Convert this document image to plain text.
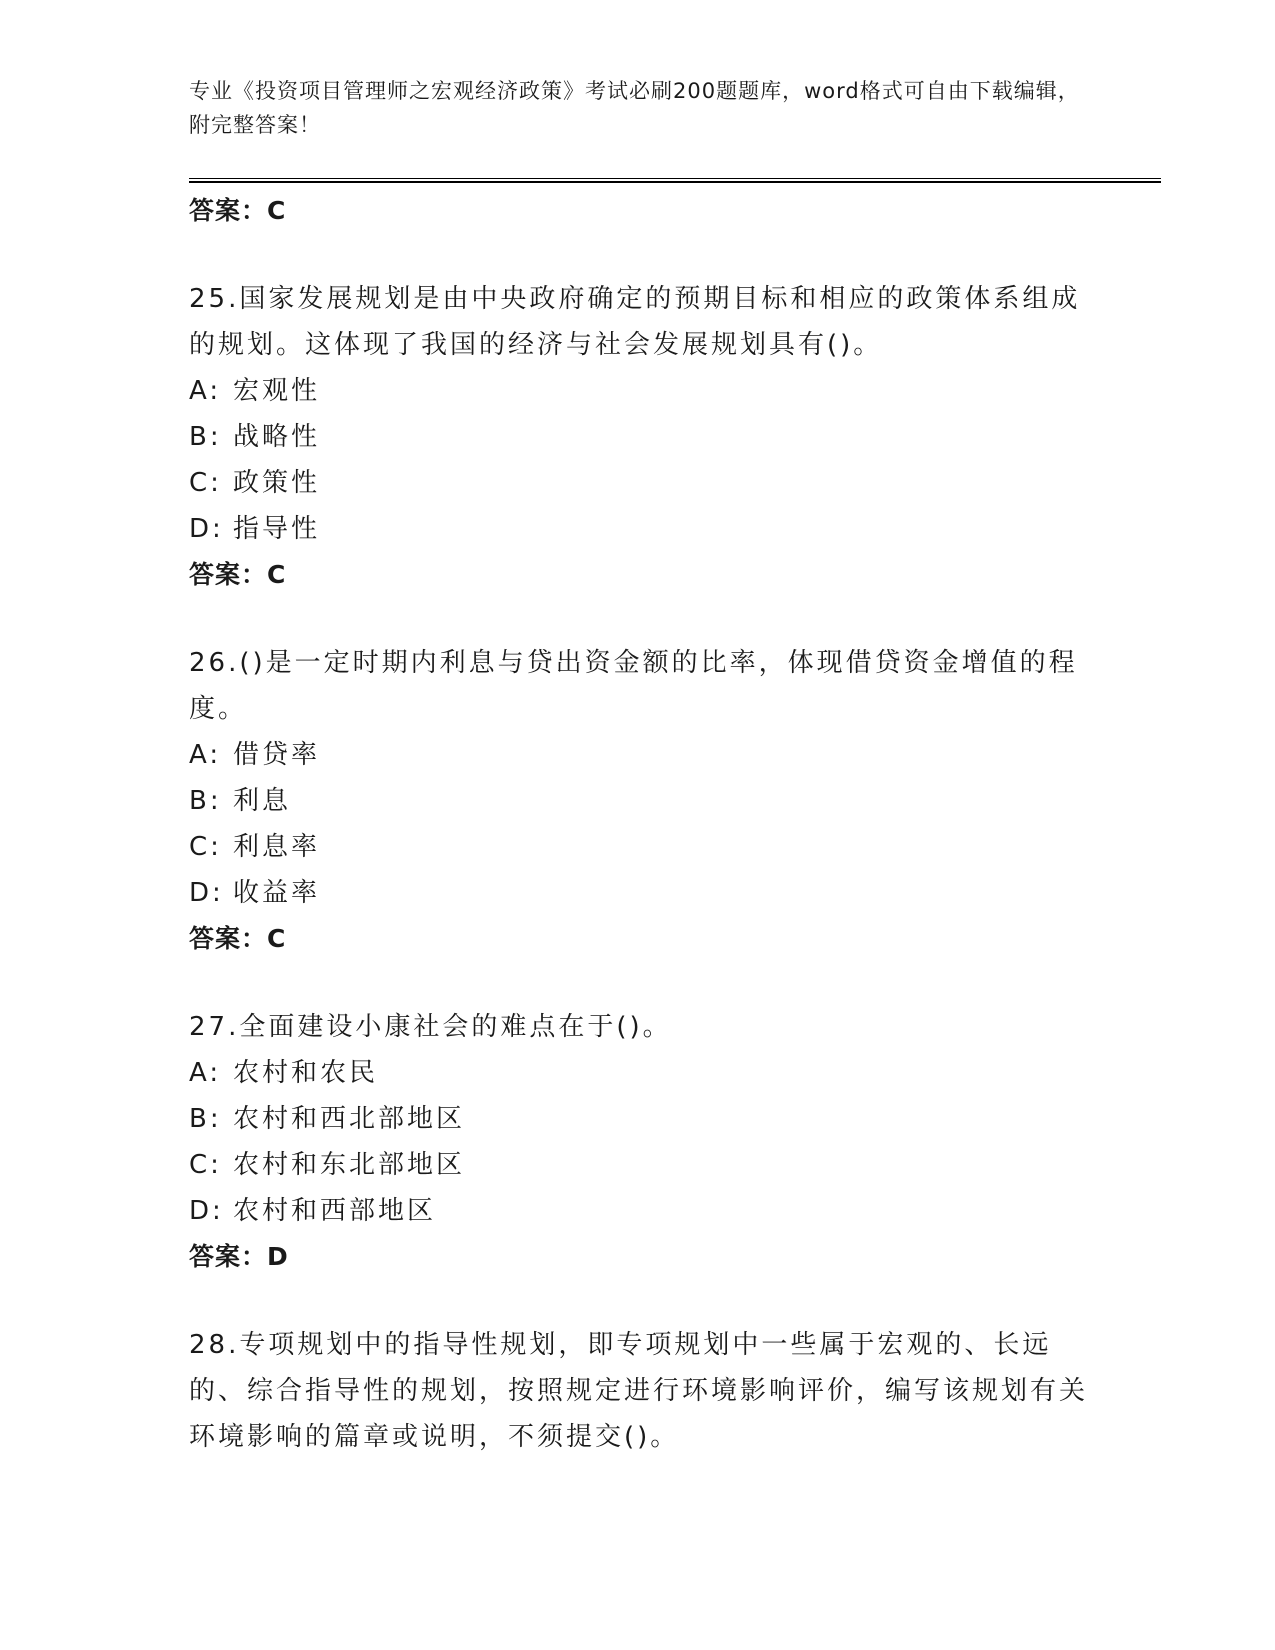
专业《投资项目管理师之宏观经济政策》考试必刷200题题库，word格式可自由下载编辑，附完整答案！

答案：C
25.国家发展规划是由中央政府确定的预期目标和相应的政策体系组成的规划。这体现了我国的经济与社会发展规划具有()。
A: 宏观性
B: 战略性
C: 政策性
D: 指导性
答案：C
26.()是一定时期内利息与贷出资金额的比率，体现借贷资金增值的程度。
A: 借贷率
B: 利息
C: 利息率
D: 收益率
答案：C
27.全面建设小康社会的难点在于()。
A: 农村和农民
B: 农村和西北部地区
C: 农村和东北部地区
D: 农村和西部地区
答案：D
28.专项规划中的指导性规划，即专项规划中一些属于宏观的、长远的、综合指导性的规划，按照规定进行环境影响评价，编写该规划有关环境影响的篇章或说明，不须提交()。
